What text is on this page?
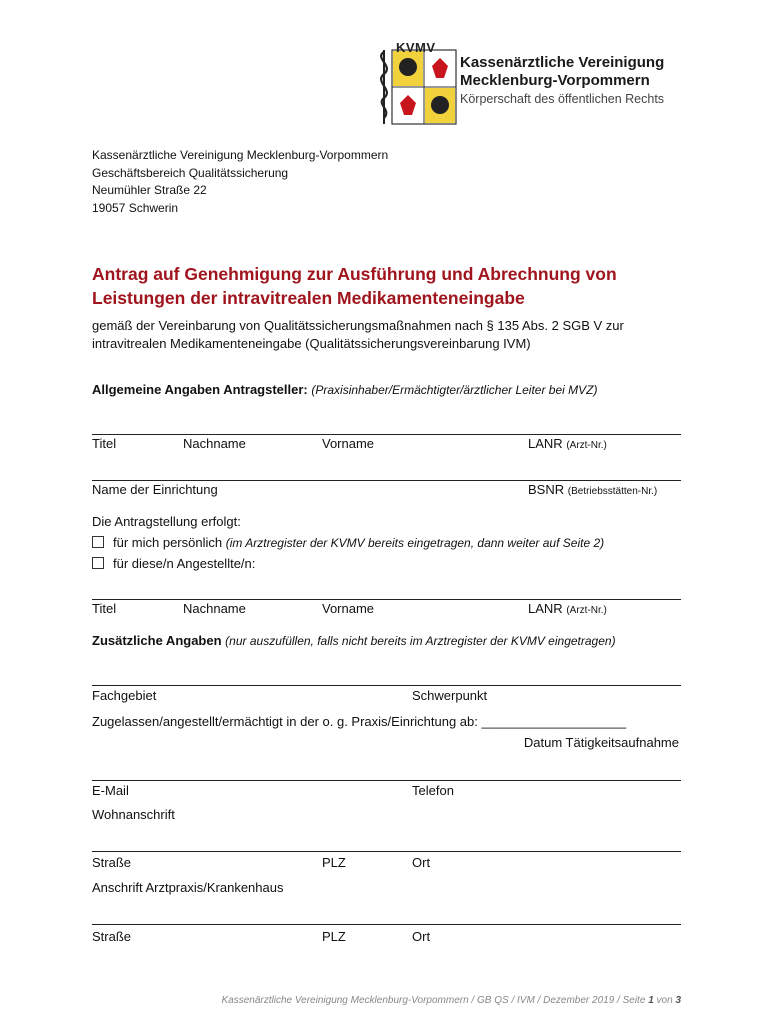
KVMV
Kassenärztliche Vereinigung
Mecklenburg-Vorpommern
Körperschaft des öffentlichen Rechts
Kassenärztliche Vereinigung Mecklenburg-Vorpommern
Geschäftsbereich Qualitätssicherung
Neumühler Straße 22
19057 Schwerin
Antrag auf Genehmigung zur Ausführung und Abrechnung von
Leistungen der intravitrealen Medikamenteneingabe
gemäß der Vereinbarung von Qualitätssicherungsmaßnahmen nach § 135 Abs. 2 SGB V zur
intravitrealen Medikamenteneingabe (Qualitätssicherungsvereinbarung IVM)
Allgemeine Angaben Antragsteller: (Praxisinhaber/Ermächtigter/ärztlicher Leiter bei MVZ)
Titel	Nachname	Vorname	LANR (Arzt-Nr.)
Name der Einrichtung	BSNR (Betriebsstätten-Nr.)
Die Antragstellung erfolgt:
für mich persönlich (im Arztregister der KVMV bereits eingetragen, dann weiter auf Seite 2)
für diese/n Angestellte/n:
Titel	Nachname	Vorname	LANR (Arzt-Nr.)
Zusätzliche Angaben (nur auszufüllen, falls nicht bereits im Arztregister der KVMV eingetragen)
Fachgebiet	Schwerpunkt
Zugelassen/angestellt/ermächtigt in der o. g. Praxis/Einrichtung ab: ____________________
Datum Tätigkeitsaufnahme
E-Mail	Telefon
Wohnanschrift
Straße	PLZ	Ort
Anschrift Arztpraxis/Krankenhaus
Straße	PLZ	Ort
Kassenärztliche Vereinigung Mecklenburg-Vorpommern / GB QS / IVM / Dezember 2019 / Seite 1 von 3
